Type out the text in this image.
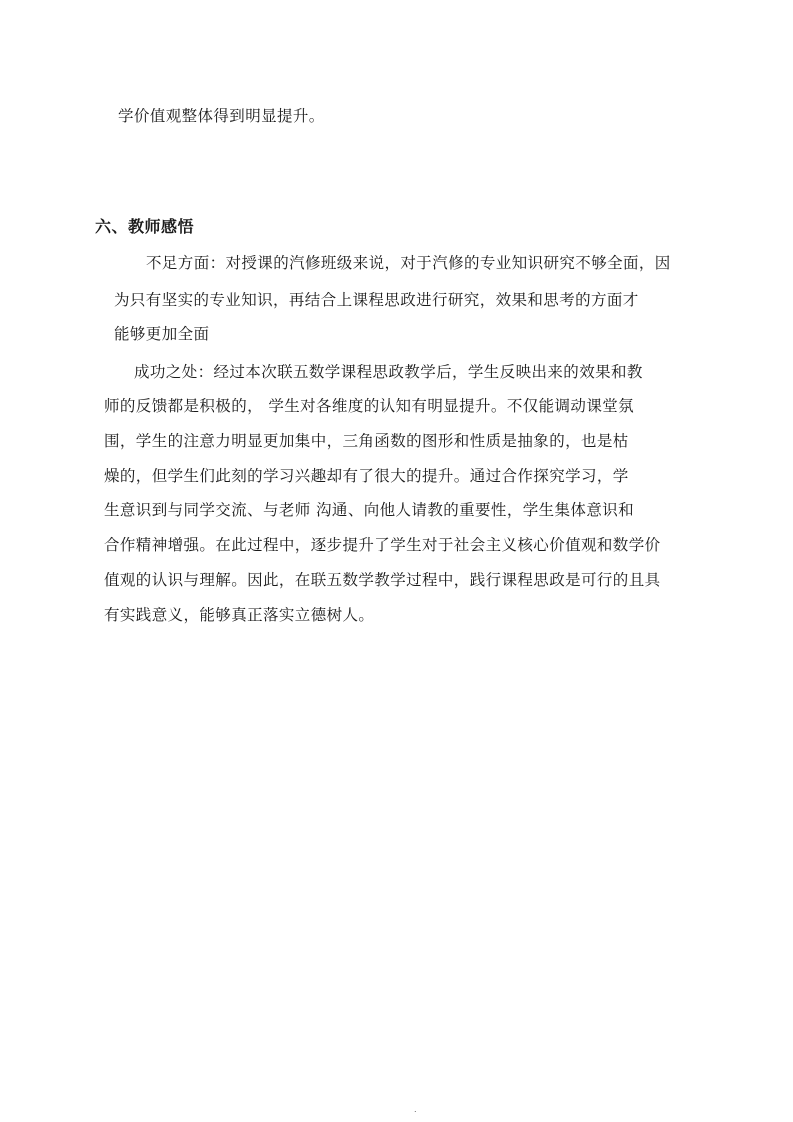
学价值观整体得到明显提升。
六、教师感悟
不足方面：对授课的汽修班级来说，对于汽修的专业知识研究不够全面，因
为只有坚实的专业知识，再结合上课程思政进行研究，效果和思考的方面才
能够更加全面
成功之处：经过本次联五数学课程思政教学后，学生反映出来的效果和教
师的反馈都是积极的， 学生对各维度的认知有明显提升。不仅能调动课堂氛
围，学生的注意力明显更加集中，三角函数的图形和性质是抽象的，也是枯
燥的，但学生们此刻的学习兴趣却有了很大的提升。通过合作探究学习，学
生意识到与同学交流、与老师 沟通、向他人请教的重要性，学生集体意识和
合作精神增强。在此过程中，逐步提升了学生对于社会主义核心价值观和数学价
值观的认识与理解。因此，在联五数学教学过程中，践行课程思政是可行的且具
有实践意义，能够真正落实立德树人。
.
